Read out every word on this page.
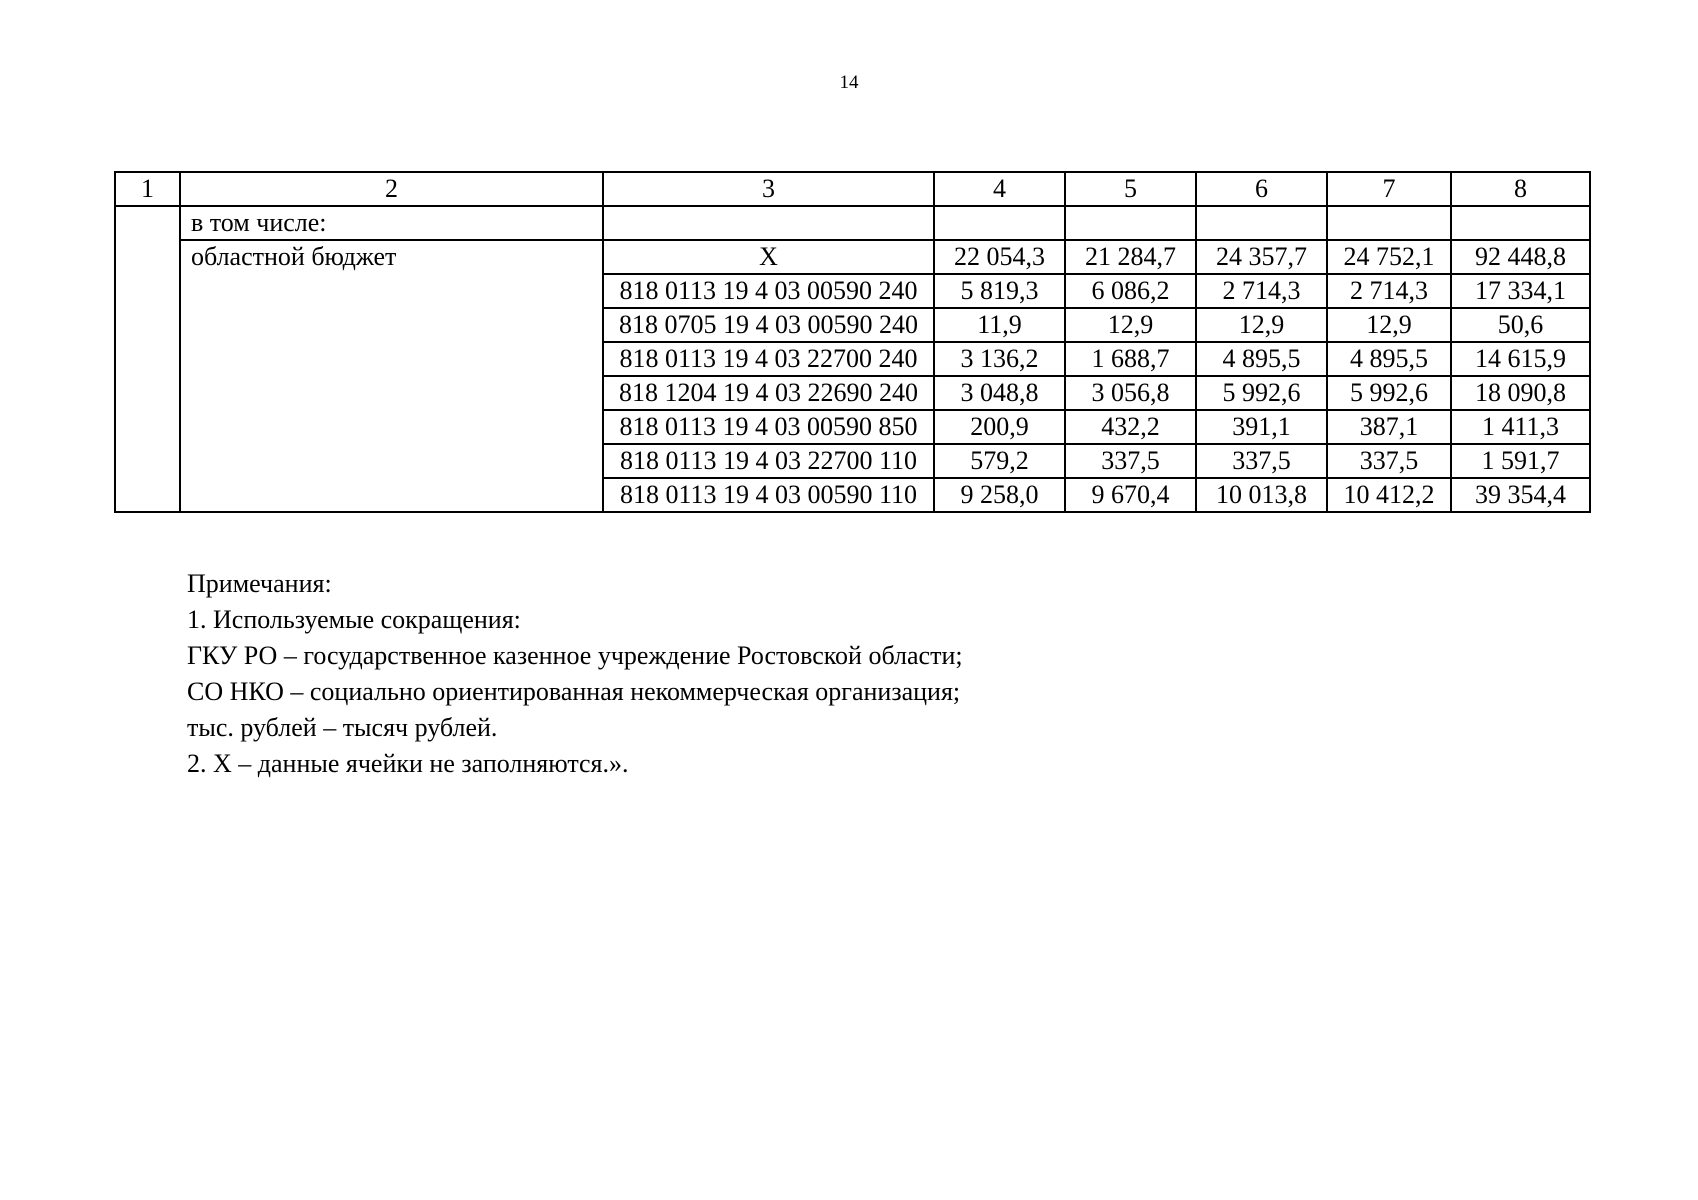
14
1	2	3	4	5	6	7	8
	в том числе:						
	областной бюджет	Х	22 054,3	21 284,7	24 357,7	24 752,1	92 448,8
		818 0113 19 4 03 00590 240	5 819,3	6 086,2	2 714,3	2 714,3	17 334,1
		818 0705 19 4 03 00590 240	11,9	12,9	12,9	12,9	50,6
		818 0113 19 4 03 22700 240	3 136,2	1 688,7	4 895,5	4 895,5	14 615,9
		818 1204 19 4 03 22690 240	3 048,8	3 056,8	5 992,6	5 992,6	18 090,8
		818 0113 19 4 03 00590 850	200,9	432,2	391,1	387,1	1 411,3
		818 0113 19 4 03 22700 110	579,2	337,5	337,5	337,5	1 591,7
		818 0113 19 4 03 00590 110	9 258,0	9 670,4	10 013,8	10 412,2	39 354,4
Примечания:
1. Используемые сокращения:
ГКУ РО – государственное казенное учреждение Ростовской области;
СО НКО – социально ориентированная некоммерческая организация;
тыс. рублей – тысяч рублей.
2. Х – данные ячейки не заполняются.».
